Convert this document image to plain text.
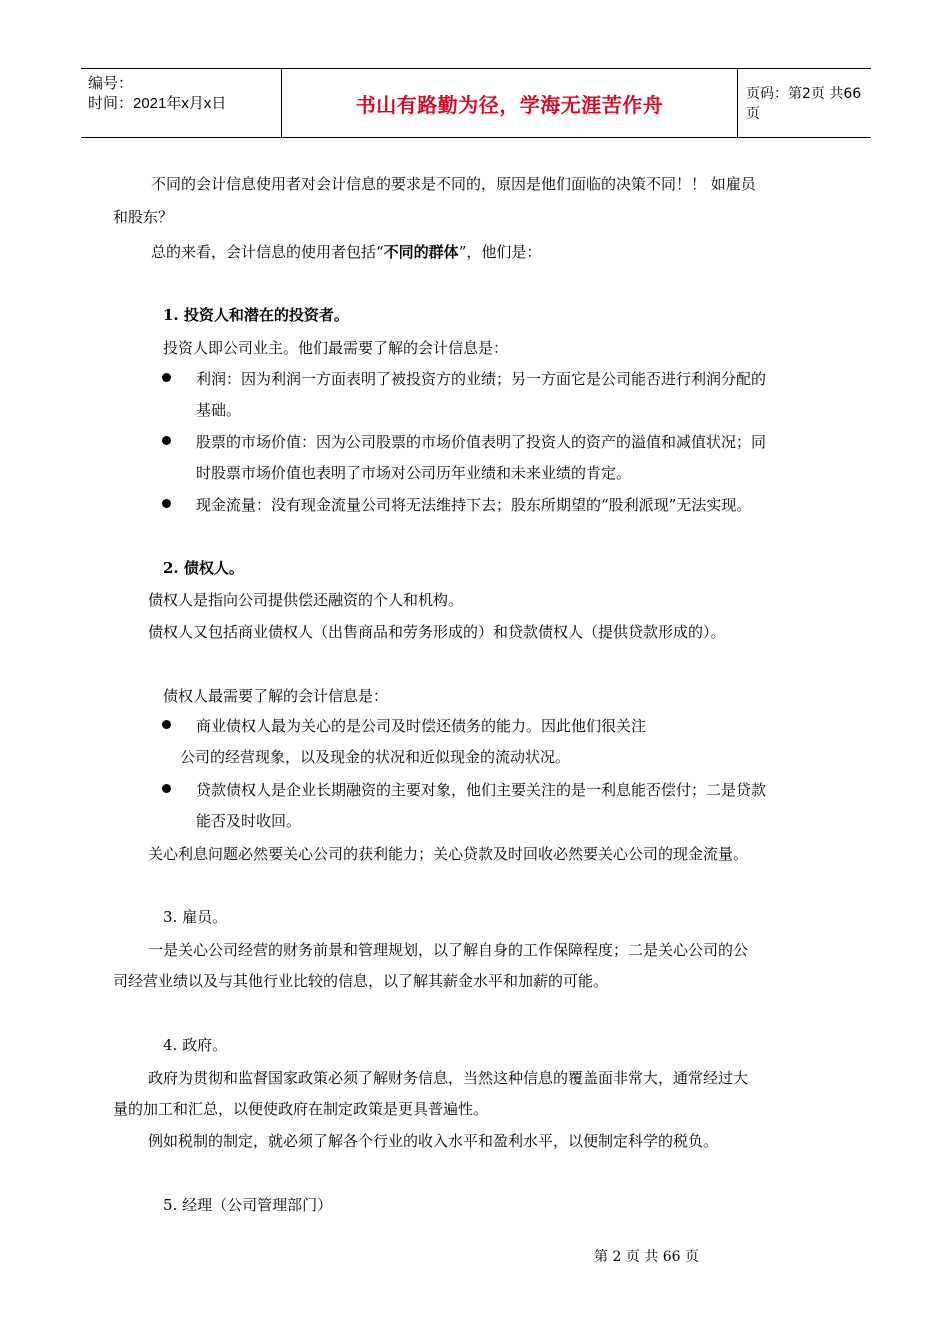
编号：
时间：2021年x月x日	书山有路勤为径，学海无涯苦作舟	页码：第2页 共66页
不同的会计信息使用者对会计信息的要求是不同的，原因是他们面临的决策不同！！ 如雇员
和股东？
总的来看，会计信息的使用者包括“不同的群体”，他们是：
1. 投资人和潜在的投资者。
投资人即公司业主。他们最需要了解的会计信息是：
利润：因为利润一方面表明了被投资方的业绩；另一方面它是公司能否进行利润分配的
基础。
股票的市场价值：因为公司股票的市场价值表明了投资人的资产的溢值和减值状况；同
时股票市场价值也表明了市场对公司历年业绩和未来业绩的肯定。
现金流量：没有现金流量公司将无法维持下去；股东所期望的“股利派现”无法实现。
2. 债权人。
债权人是指向公司提供偿还融资的个人和机构。
债权人又包括商业债权人（出售商品和劳务形成的）和贷款债权人（提供贷款形成的）。
债权人最需要了解的会计信息是：
商业债权人最为关心的是公司及时偿还债务的能力。因此他们很关注
公司的经营现象，以及现金的状况和近似现金的流动状况。
贷款债权人是企业长期融资的主要对象，他们主要关注的是一利息能否偿付；二是贷款
能否及时收回。
关心利息问题必然要关心公司的获利能力；关心贷款及时回收必然要关心公司的现金流量。
3. 雇员。
一是关心公司经营的财务前景和管理规划，以了解自身的工作保障程度；二是关心公司的公
司经营业绩以及与其他行业比较的信息，以了解其薪金水平和加薪的可能。
4. 政府。
政府为贯彻和监督国家政策必须了解财务信息，当然这种信息的覆盖面非常大，通常经过大
量的加工和汇总，以便使政府在制定政策是更具普遍性。
例如税制的制定，就必须了解各个行业的收入水平和盈利水平，以便制定科学的税负。
5. 经理（公司管理部门）
第 2 页 共 66 页
